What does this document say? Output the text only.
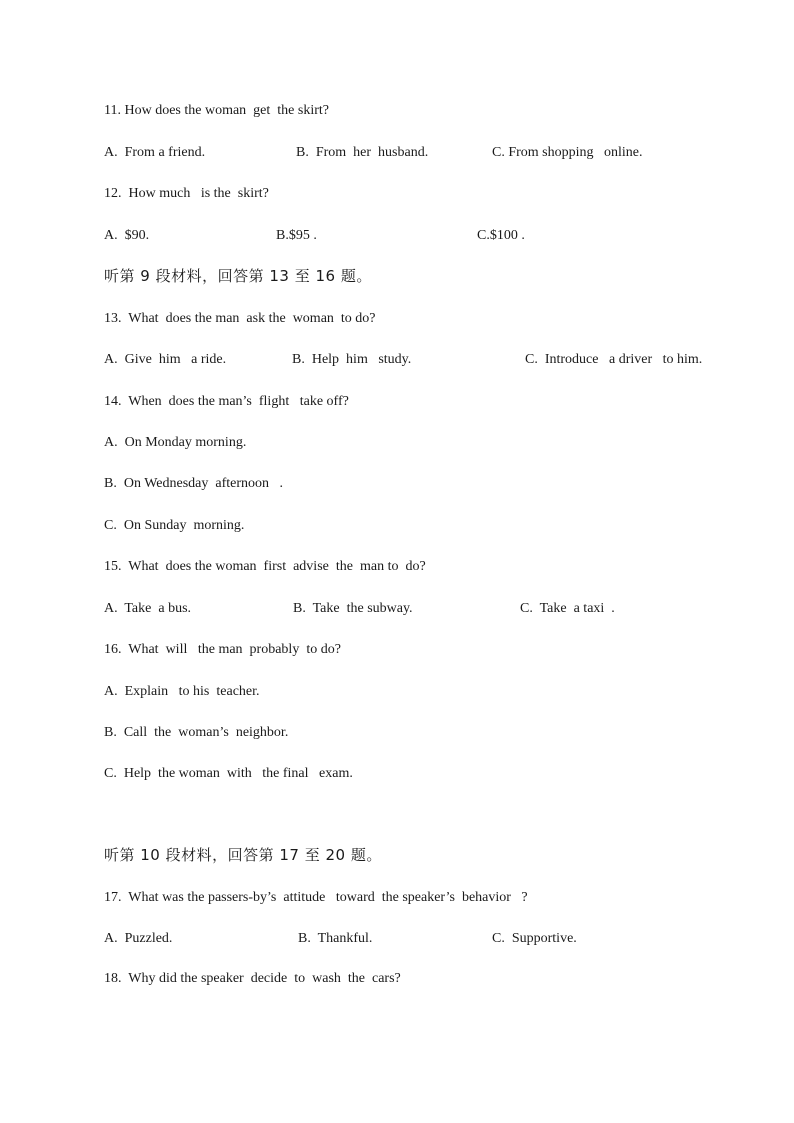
11. How does the woman  get  the skirt?
A.  From a friend.	B.  From  her  husband.	C. From shopping   online.
12.  How much   is the  skirt?
A.  $90.	B.$95 .	C.$100 .
听第 9 段材料，回答第 13 至 16 题。
13.  What  does the man  ask the  woman  to do?
A.  Give  him   a ride.	B.  Help  him   study.	C.  Introduce   a driver   to him.
14.  When  does the man’s  flight   take off?
A.  On Monday morning.
B.  On Wednesday  afternoon   .
C.  On Sunday  morning.
15.  What  does the woman  first  advise  the  man to  do?
A.  Take  a bus.	B.  Take  the subway.	C.  Take  a taxi  .
16.  What  will   the man  probably  to do?
A.  Explain   to his  teacher.
B.  Call  the  woman’s  neighbor.
C.  Help  the woman  with   the final   exam.
听第 10 段材料，回答第 17 至 20 题。
17.  What was the passers-by’s  attitude   toward  the speaker’s  behavior   ?
A.  Puzzled.	B.  Thankful.	C.  Supportive.
18.  Why did the speaker  decide  to  wash  the  cars?
